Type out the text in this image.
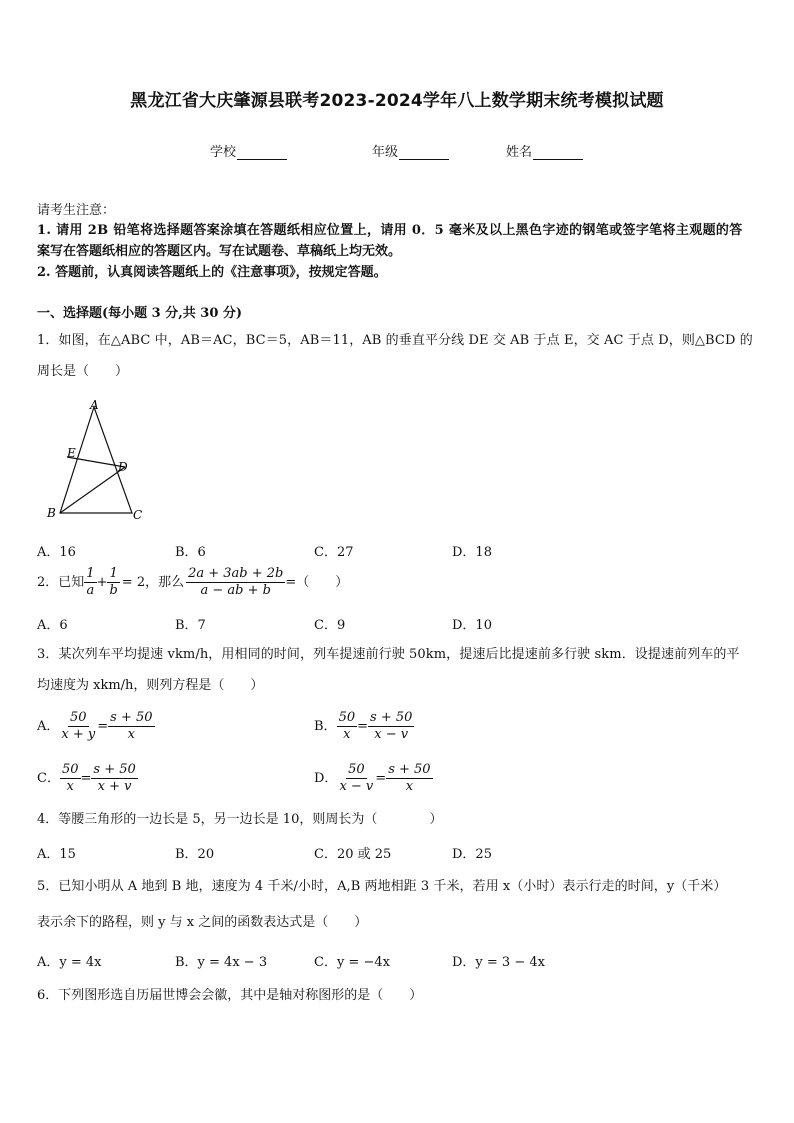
黑龙江省大庆肇源县联考2023-2024学年八上数学期末统考模拟试题
学校	年级	姓名
请考生注意：
1. 请用 2B 铅笔将选择题答案涂填在答题纸相应位置上，请用 0．5 毫米及以上黑色字迹的钢笔或签字笔将主观题的答
案写在答题纸相应的答题区内。写在试题卷、草稿纸上均无效。
2. 答题前，认真阅读答题纸上的《注意事项》，按规定答题。
一、选择题(每小题 3 分,共 30 分)
1．如图，在△ABC 中，AB＝AC，BC＝5，AB＝11，AB 的垂直平分线 DE 交 AB 于点 E，交 AC 于点 D，则△BCD 的
周长是（　　）
A
E
D
B	C
A．16	B．6	C．27	D．18
2．已知 $\frac{1}{a} + \frac{1}{b} = 2$，那么 $\frac{2a + 3ab + 2b}{a - ab + b}$ =（　　）
A．6	B．7	C．9	D．10
3．某次列车平均提速 vkm/h，用相同的时间，列车提速前行驶 50km，提速后比提速前多行驶 skm．设提速前列车的平
均速度为 xkm/h，则列方程是（　　）
A． $\frac{50}{x + y} = \frac{s + 50}{x}$	B． $\frac{50}{x} = \frac{s + 50}{x - v}$
C． $\frac{50}{x} = \frac{s + 50}{x + v}$	D． $\frac{50}{x - v} = \frac{s + 50}{x}$
4．等腰三角形的一边长是 5，另一边长是 10，则周长为（　　　　）
A．15	B．20	C．20 或 25	D．25
5．已知小明从 A 地到 B 地，速度为 4 千米/小时，A,B 两地相距 3 千米，若用 x（小时）表示行走的时间，y（千米）
表示余下的路程，则 y 与 x 之间的函数表达式是（　　）
A．y = 4x	B．y = 4x − 3	C．y = −4x	D．y = 3 − 4x
6．下列图形选自历届世博会会徽，其中是轴对称图形的是（　　）
